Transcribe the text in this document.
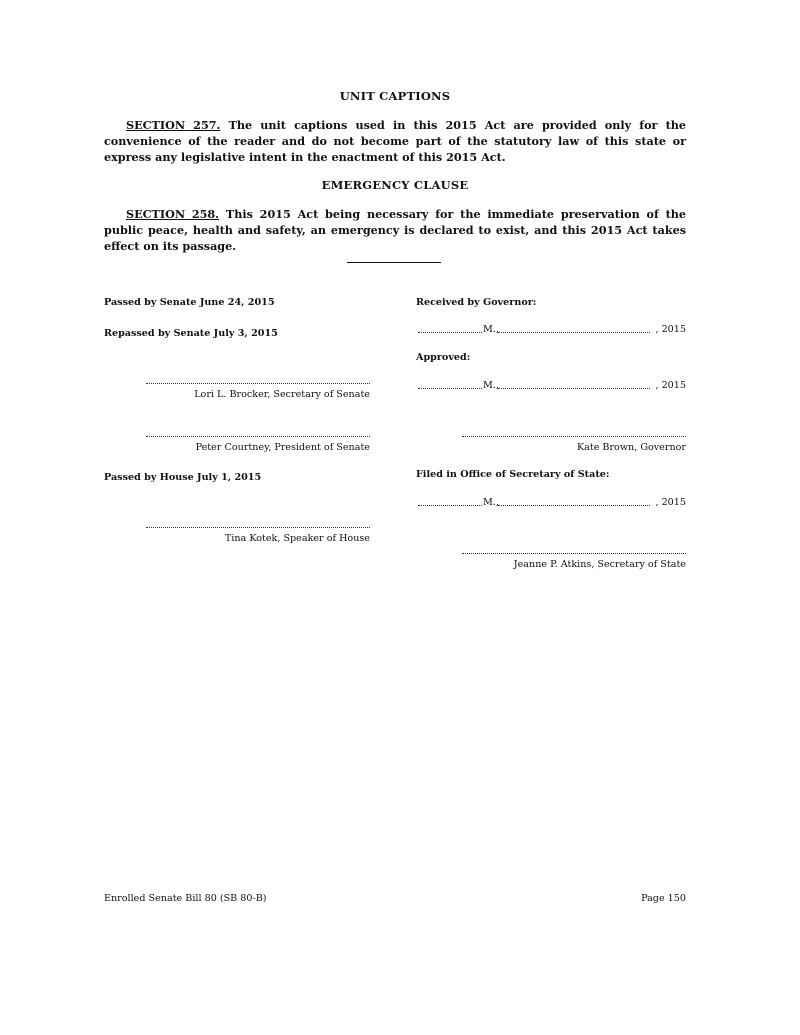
UNIT CAPTIONS

SECTION 257. The unit captions used in this 2015 Act are provided only for the convenience of the reader and do not become part of the statutory law of this state or express any legislative intent in the enactment of this 2015 Act.

EMERGENCY CLAUSE

SECTION 258. This 2015 Act being necessary for the immediate preservation of the public peace, health and safety, an emergency is declared to exist, and this 2015 Act takes effect on its passage.

Passed by Senate June 24, 2015
Repassed by Senate July 3, 2015
Lori L. Brocker, Secretary of Senate
Peter Courtney, President of Senate
Passed by House July 1, 2015
Tina Kotek, Speaker of House
Received by Governor:
M.,	, 2015
Approved:
M.,	, 2015
Kate Brown, Governor
Filed in Office of Secretary of State:
M.,	, 2015
Jeanne P. Atkins, Secretary of State
Enrolled Senate Bill 80 (SB 80-B)	Page 150
